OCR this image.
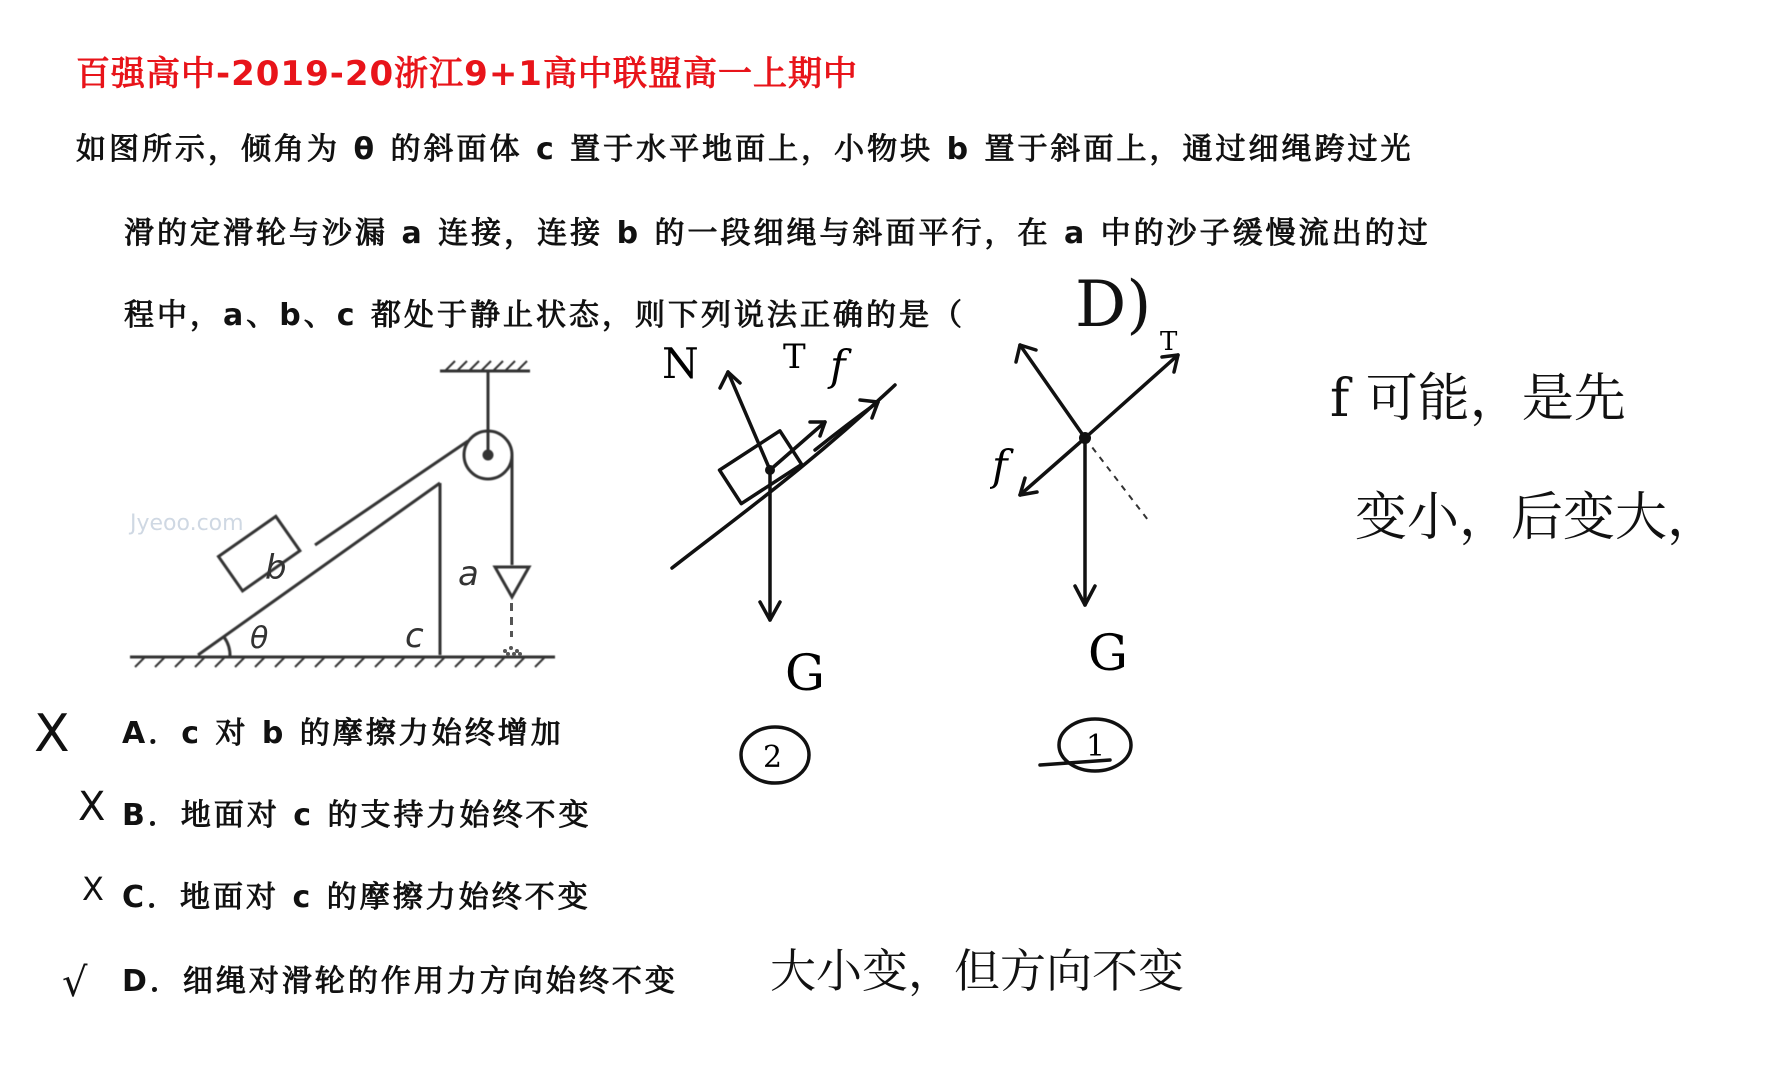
百强高中-2019-20浙江9+1高中联盟高一上期中
如图所示，倾角为 θ 的斜面体 c 置于水平地面上，小物块 b 置于斜面上，通过细绳跨过光
滑的定滑轮与沙漏 a 连接，连接 b 的一段细绳与斜面平行，在 a 中的沙子缓慢流出的过
程中，a、b、c 都处于静止状态，则下列说法正确的是（
Jyeoo.com
b	a
c
θ
A．c 对 b 的摩擦力始终增加
B．地面对 c 的支持力始终不变
C．地面对 c 的摩擦力始终不变
D．细绳对滑轮的作用力方向始终不变
X
X
X
√
D)
N T f
G
2
T
f
G
1
f 可能，是先
变小，后变大，
大小变，但方向不变
